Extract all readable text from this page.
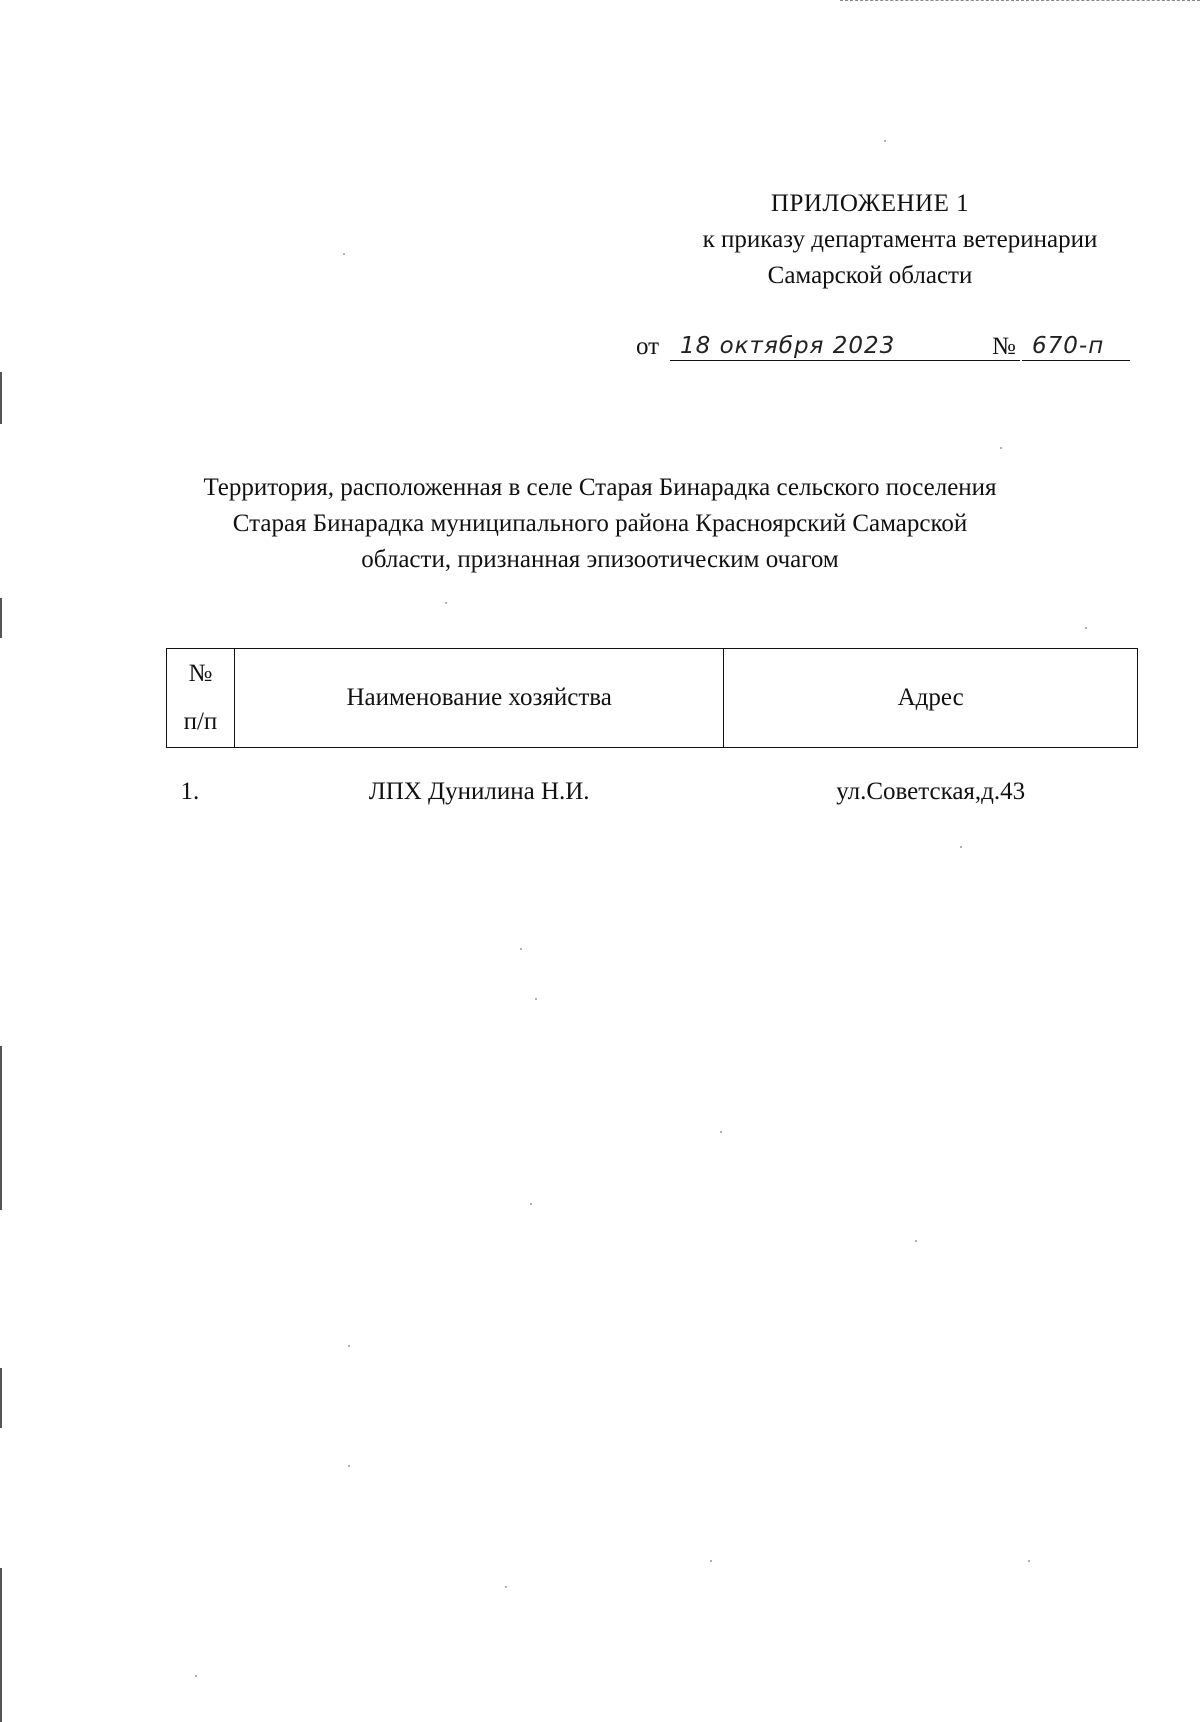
ПРИЛОЖЕНИЕ 1
к приказу департамента ветеринарии
Самарской области
от 18 октября 2023	№ 670-п
Территория, расположенная в селе Старая Бинарадка сельского поселения
Старая Бинарадка муниципального района Красноярский Самарской
области, признанная эпизоотическим очагом
№
п/п	Наименование хозяйства	Адрес
1.	ЛПХ Дунилина Н.И.	ул.Советская,д.43
